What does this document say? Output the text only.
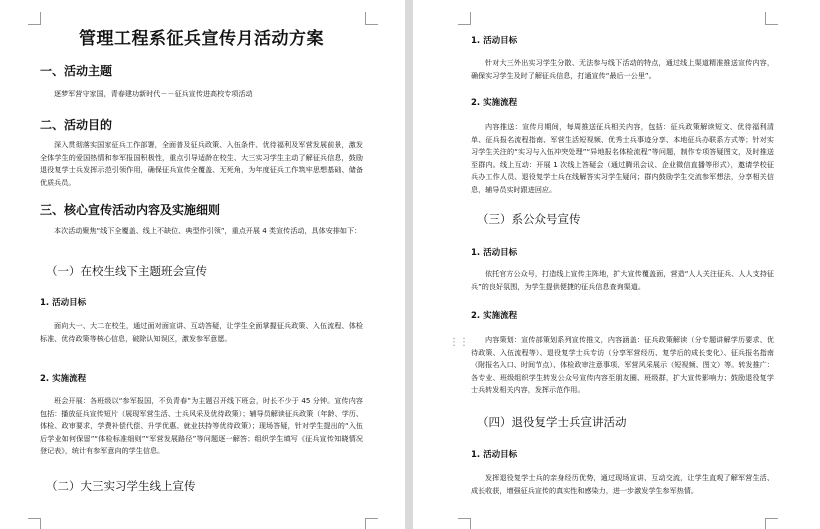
管理工程系征兵宣传月活动方案
一、活动主题
逐梦军营守家国，青春建功新时代－－征兵宣传进高校专项活动
二、活动目的
深入贯彻落实国家征兵工作部署，全面普及征兵政策、入伍条件、优待福利及军营发展前景，激发全体学生的爱国热情和参军报国积极性，重点引导适龄在校生、大三实习学生主动了解征兵信息，鼓励退役复学士兵发挥示范引领作用，确保征兵宣传全覆盖、无死角，为年度征兵工作筑牢思想基础、储备优质兵员。
三、核心宣传活动内容及实施细则
本次活动聚焦“线下全覆盖、线上不缺位、典型作引领”，重点开展 4 类宣传活动，具体安排如下：
（一）在校生线下主题班会宣传
1. 活动目标
面向大一、大二在校生，通过面对面宣讲、互动答疑，让学生全面掌握征兵政策、入伍流程、体检标准、优待政策等核心信息，破除认知误区，激发参军意愿。
2. 实施流程
班会开展：各班级以“参军报国，不负青春”为主题召开线下班会，时长不少于 45 分钟。宣传内容包括：播放征兵宣传短片（展现军营生活、士兵风采及优待政策）；辅导员解读征兵政策（年龄、学历、体检、政审要求，学费补偿代偿、升学优惠、就业扶持等优待政策）；现场答疑，针对学生提出的“入伍后学业如何保留”“体检标准细则”“军营发展路径”等问题逐一解答；组织学生填写《征兵宣传知晓情况登记表》，统计有参军意向的学生信息。
（二）大三实习学生线上宣传
1. 活动目标
针对大三外出实习学生分散、无法参与线下活动的特点，通过线上渠道精准推送宣传内容，确保实习学生及时了解征兵信息，打通宣传“最后一公里”。
2. 实施流程
内容推送：宣传月期间，每周推送征兵相关内容，包括：征兵政策解读短文、优待福利清单、征兵报名流程指南、军营生活短视频、优秀士兵事迹分享、本地征兵办联系方式等；针对实习学生关注的“实习与入伍冲突处理”“异地报名体检流程”等问题，制作专项答疑图文，及时推送至群内。线上互动：开展 1 次线上答疑会（通过腾讯会议、企业微信直播等形式），邀请学校征兵办工作人员、退役复学士兵在线解答实习学生疑问；群内鼓励学生交流参军想法，分享相关信息，辅导员实时跟进回应。
（三）系公众号宣传
1. 活动目标
依托官方公众号，打造线上宣传主阵地，扩大宣传覆盖面，营造“人人关注征兵、人人支持征兵”的良好氛围，为学生提供便捷的征兵信息查询渠道。
2. 实施流程
内容策划：宣传部策划系列宣传推文，内容涵盖：征兵政策解读（分专题讲解学历要求、优待政策、入伍流程等）、退役复学士兵专访（分享军营经历、复学后的成长变化）、征兵报名指南（附报名入口、时间节点）、体检政审注意事项、军营风采展示（短视频、图文）等。转发推广：各专业、班级组织学生转发公众号宣传内容至朋友圈、班级群，扩大宣传影响力；鼓励退役复学士兵转发相关内容，发挥示范作用。
（四）退役复学士兵宣讲活动
1. 活动目标
发挥退役复学士兵的亲身经历优势，通过现场宣讲、互动交流，让学生直观了解军营生活、成长收获，增强征兵宣传的真实性和感染力，进一步激发学生参军热情。
⋮⋮
